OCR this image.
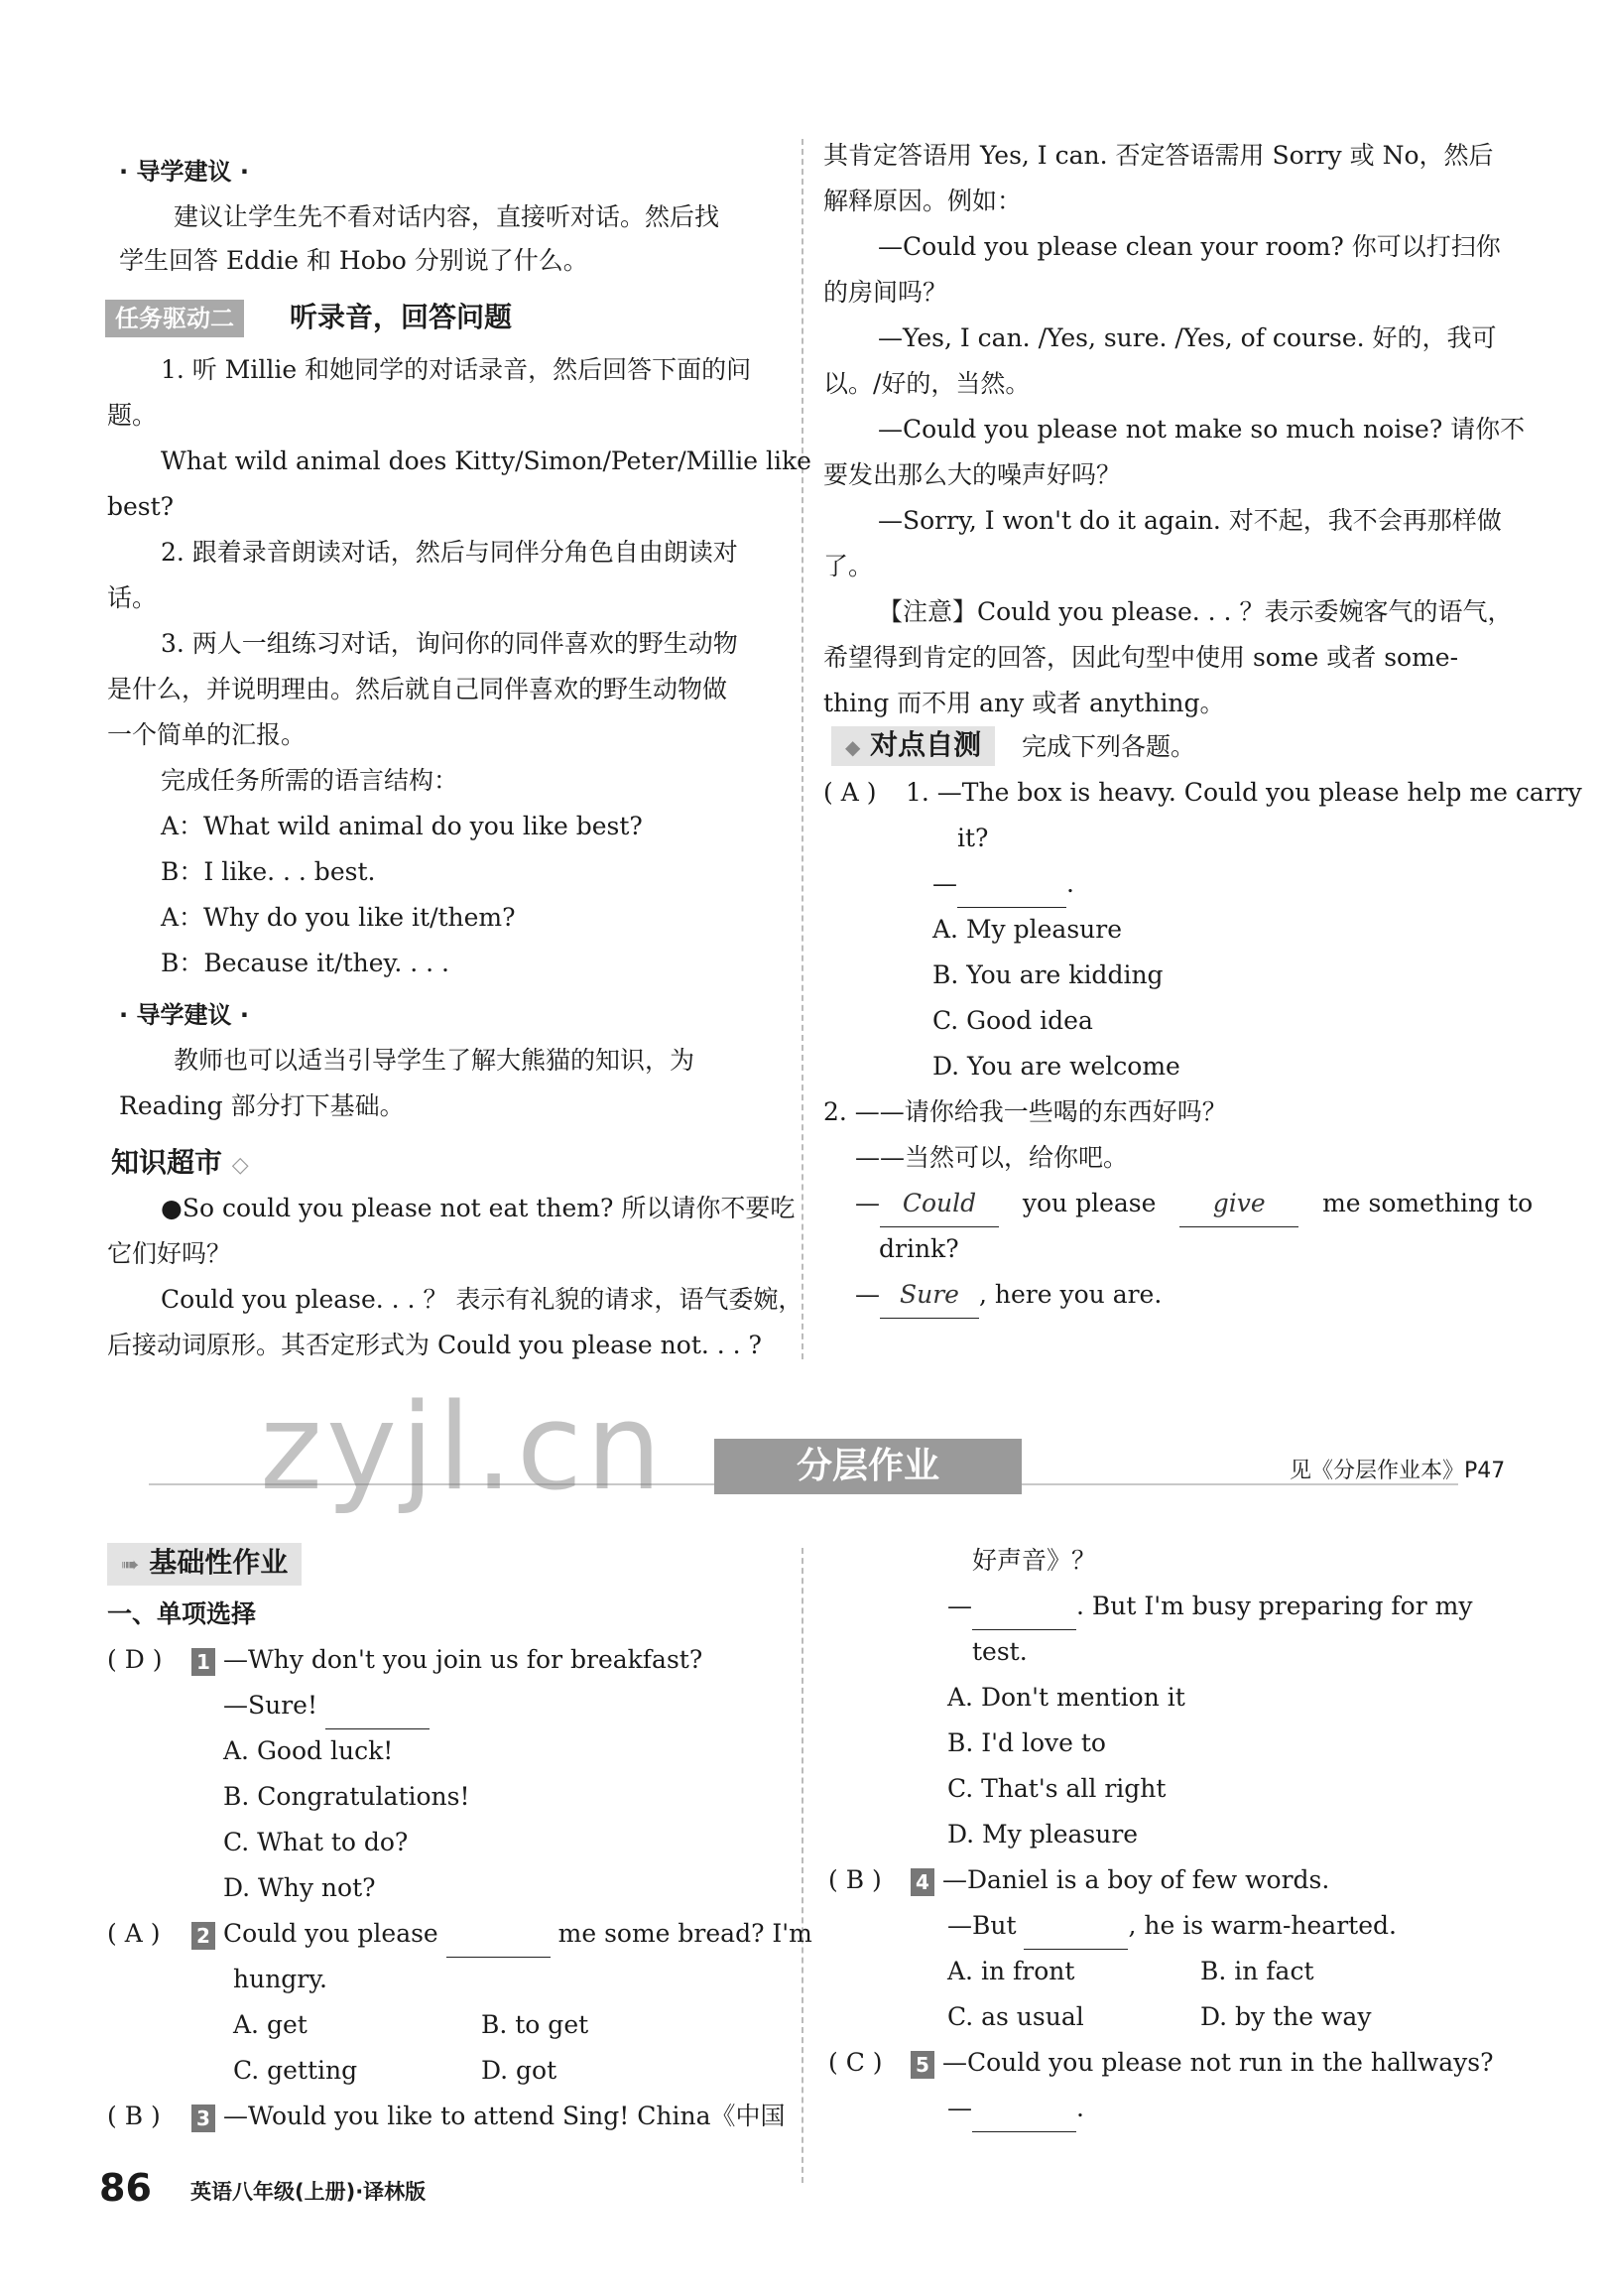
· 导学建议 ·
建议让学生先不看对话内容，直接听对话。然后找
学生回答 Eddie 和 Hobo 分别说了什么。
任务驱动二	听录音，回答问题
1. 听 Millie 和她同学的对话录音，然后回答下面的问
题。
What wild animal does Kitty/Simon/Peter/Millie like
best?
2. 跟着录音朗读对话，然后与同伴分角色自由朗读对
话。
3. 两人一组练习对话，询问你的同伴喜欢的野生动物
是什么，并说明理由。然后就自己同伴喜欢的野生动物做
一个简单的汇报。
完成任务所需的语言结构：
A：What wild animal do you like best?
B：I like. . . best.
A：Why do you like it/them?
B：Because it/they. . . .
· 导学建议 ·
教师也可以适当引导学生了解大熊猫的知识，为
Reading 部分打下基础。
知识超市 ◇
●So could you please not eat them? 所以请你不要吃
它们好吗？
Could you please. . . ？ 表示有礼貌的请求，语气委婉，
后接动词原形。其否定形式为 Could you please not. . . ?
其肯定答语用 Yes, I can. 否定答语需用 Sorry 或 No，然后
解释原因。例如：
—Could you please clean your room? 你可以打扫你
的房间吗？
—Yes, I can. /Yes, sure. /Yes, of course. 好的，我可
以。/好的，当然。
—Could you please not make so much noise? 请你不
要发出那么大的噪声好吗？
—Sorry, I won't do it again. 对不起，我不会再那样做
了。
【注意】Could you please. . . ？表示委婉客气的语气，
希望得到肯定的回答，因此句型中使用 some 或者 some-
thing 而不用 any 或者 anything。
◆ 对点自测	完成下列各题。
( A ) 1. —The box is heavy. Could you please help me carry
it?
—	.
A. My pleasure
B. You are kidding
C. Good idea
D. You are welcome
2. ——请你给我一些喝的东西好吗？
——当然可以，给你吧。
— Could you please give me something to
drink?
— Sure , here you are.
分层作业	见《分层作业本》P47
zyjl.cn
➠ 基础性作业
一、单项选择
( D ) 1 —Why don't you join us for breakfast?
—Sure!
A. Good luck!
B. Congratulations!
C. What to do?
D. Why not?
( A ) 2 Could you please	me some bread? I'm
hungry.
A. get	B. to get
C. getting	D. got
( B ) 3 —Would you like to attend Sing! China《中国
好声音》？
—	. But I'm busy preparing for my
test.
A. Don't mention it
B. I'd love to
C. That's all right
D. My pleasure
( B ) 4 —Daniel is a boy of few words.
—But	, he is warm-hearted.
A. in front	B. in fact
C. as usual	D. by the way
( C ) 5 —Could you please not run in the hallways?
—	.
86 英语八年级(上册)·译林版
